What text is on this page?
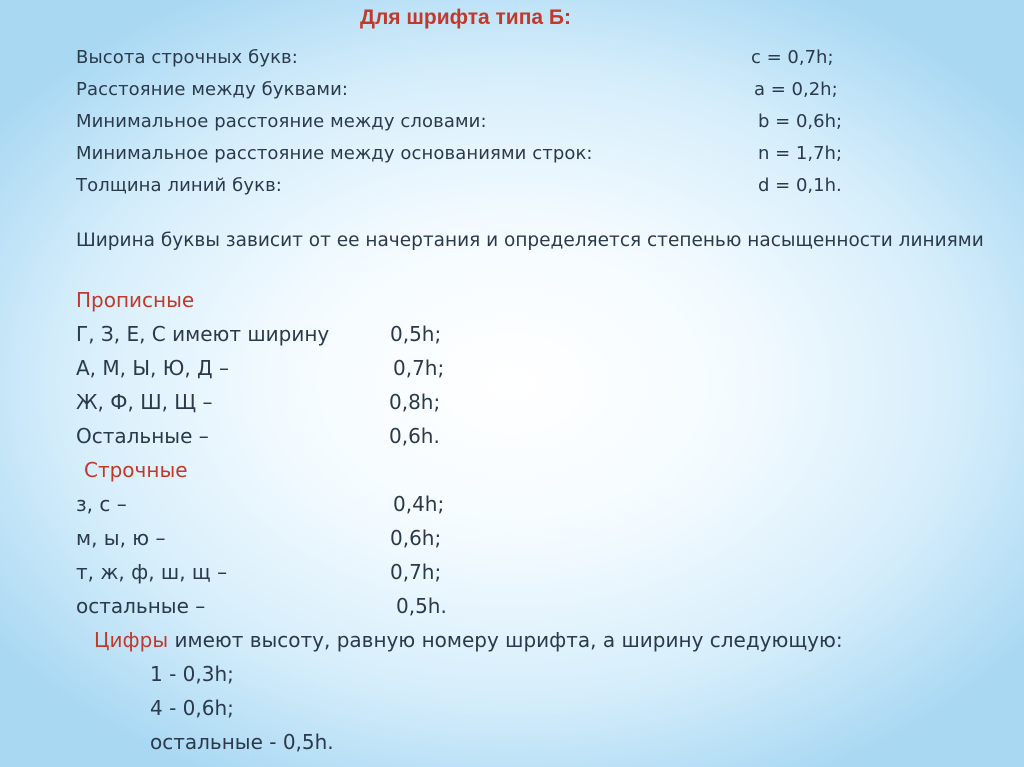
Для шрифта типа Б:
Высота строчных букв:	с = 0,7h;
Расстояние между буквами:	а = 0,2h;
Минимальное расстояние между словами:	b = 0,6h;
Минимальное расстояние между основаниями строк:	n = 1,7h;
Толщина линий букв:	d = 0,1h.
Ширина буквы зависит от ее начертания и определяется степенью насыщенности линиями
Прописные
Г, З, Е, С имеют ширину	0,5h;
А, М, Ы, Ю, Д –	0,7h;
Ж, Ф, Ш, Щ –	0,8h;
Остальные –	0,6h.
Строчные
з, с –	0,4h;
м, ы, ю –	0,6h;
т, ж, ф, ш, щ –	0,7h;
остальные –	0,5h.
Цифры имеют высоту, равную номеру шрифта, а ширину следующую:
1 - 0,3h;
4 - 0,6h;
остальные - 0,5h.
